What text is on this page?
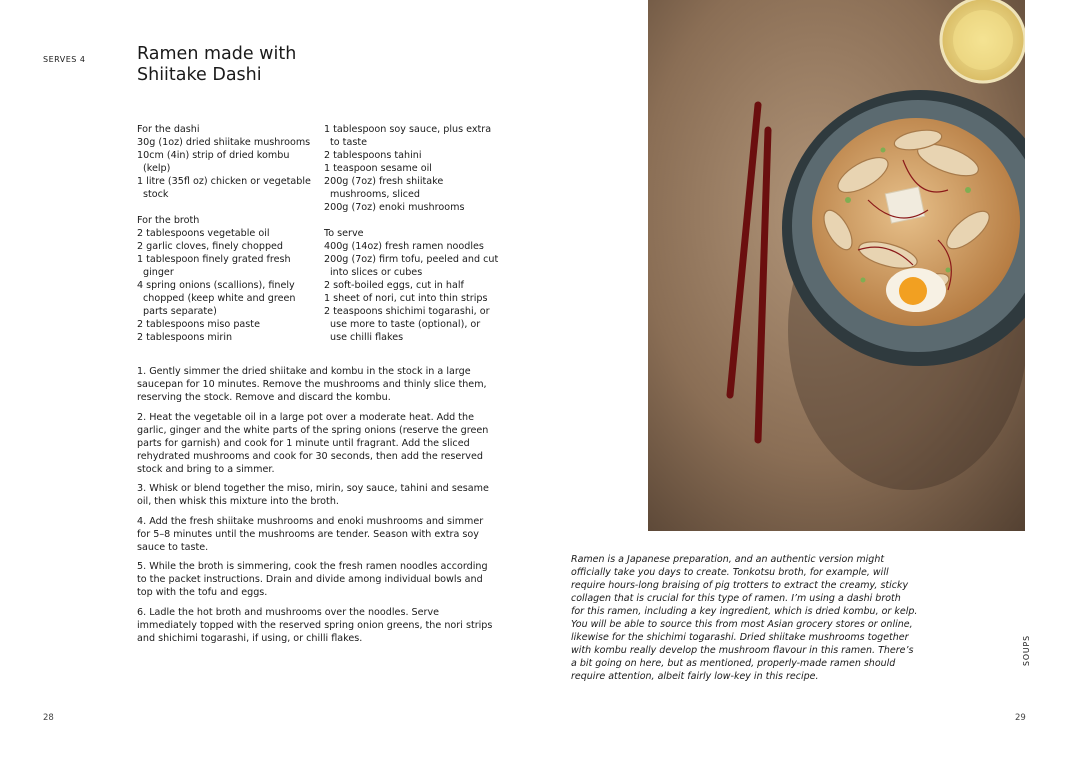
SERVES 4	Ramen made with
Shiitake Dashi
For the dashi
30g (1oz) dried shiitake mushrooms
10cm (4in) strip of dried kombu (kelp)
1 litre (35fl oz) chicken or vegetable stock
For the broth
2 tablespoons vegetable oil
2 garlic cloves, finely chopped
1 tablespoon finely grated fresh ginger
4 spring onions (scallions), finely chopped (keep white and green parts separate)
2 tablespoons miso paste
2 tablespoons mirin
1 tablespoon soy sauce, plus extra to taste
2 tablespoons tahini
1 teaspoon sesame oil
200g (7oz) fresh shiitake mushrooms, sliced
200g (7oz) enoki mushrooms
To serve
400g (14oz) fresh ramen noodles
200g (7oz) firm tofu, peeled and cut into slices or cubes
2 soft-boiled eggs, cut in half
1 sheet of nori, cut into thin strips
2 teaspoons shichimi togarashi, or use more to taste (optional), or use chilli flakes

1. Gently simmer the dried shiitake and kombu in the stock in a large saucepan for 10 minutes. Remove the mushrooms and thinly slice them, reserving the stock. Remove and discard the kombu.

2. Heat the vegetable oil in a large pot over a moderate heat. Add the garlic, ginger and the white parts of the spring onions (reserve the green parts for garnish) and cook for 1 minute until fragrant. Add the sliced rehydrated mushrooms and cook for 30 seconds, then add the reserved stock and bring to a simmer.

3. Whisk or blend together the miso, mirin, soy sauce, tahini and sesame oil, then whisk this mixture into the broth.

4. Add the fresh shiitake mushrooms and enoki mushrooms and simmer for 5–8 minutes until the mushrooms are tender. Season with extra soy sauce to taste.

5. While the broth is simmering, cook the fresh ramen noodles according to the packet instructions. Drain and divide among individual bowls and top with the tofu and eggs.

6. Ladle the hot broth and mushrooms over the noodles. Serve immediately topped with the reserved spring onion greens, the nori strips and shichimi togarashi, if using, or chilli flakes.

Ramen is a Japanese preparation, and an authentic version might
officially take you days to create. Tonkotsu broth, for example, will
require hours-long braising of pig trotters to extract the creamy, sticky
collagen that is crucial for this type of ramen. I’m using a dashi broth
for this ramen, including a key ingredient, which is dried kombu, or kelp.
You will be able to source this from most Asian grocery stores or online,
likewise for the shichimi togarashi. Dried shiitake mushrooms together
with kombu really develop the mushroom flavour in this ramen. There’s
a bit going on here, but as mentioned, properly-made ramen should
require attention, albeit fairly low-key in this recipe.
SOUPS
28	29
